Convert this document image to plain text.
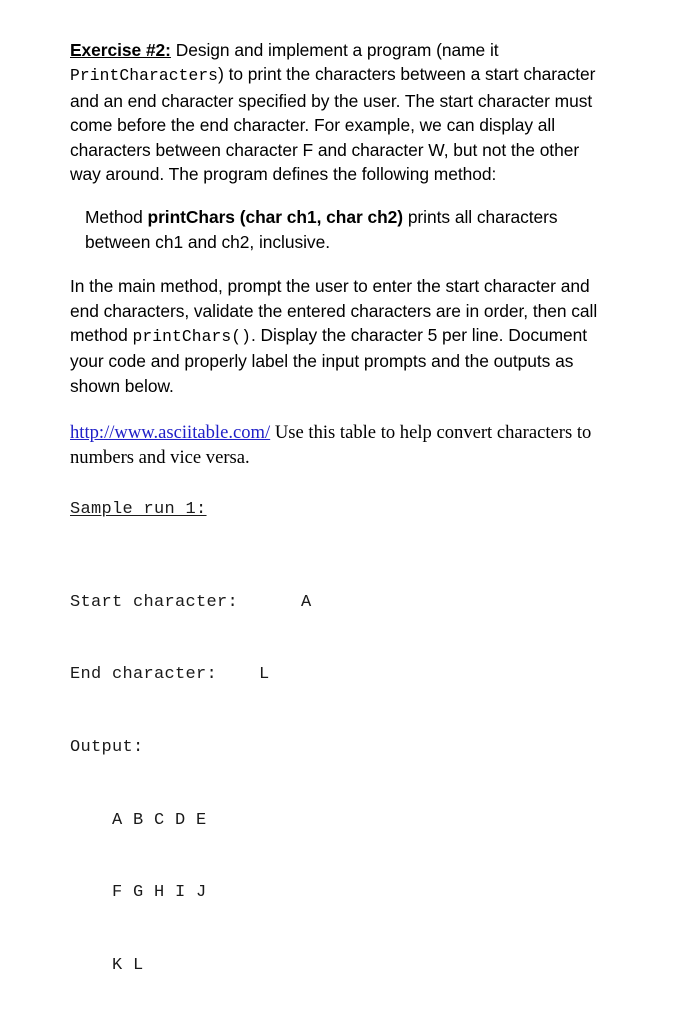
Exercise #2: Design and implement a program (name it PrintCharacters) to print the characters between a start character and an end character specified by the user. The start character must come before the end character. For example, we can display all characters between character F and character W, but not the other way around. The program defines the following method:

Method printChars (char ch1, char ch2) prints all characters between ch1 and ch2, inclusive.

In the main method, prompt the user to enter the start character and end characters, validate the entered characters are in order, then call method printChars(). Display the character 5 per line. Document your code and properly label the input prompts and the outputs as shown below.

http://www.asciitable.com/ Use this table to help convert characters to numbers and vice versa.

Sample run 1:

Start character:      A

End character:    L

Output:

A B C D E

F G H I J

K L
